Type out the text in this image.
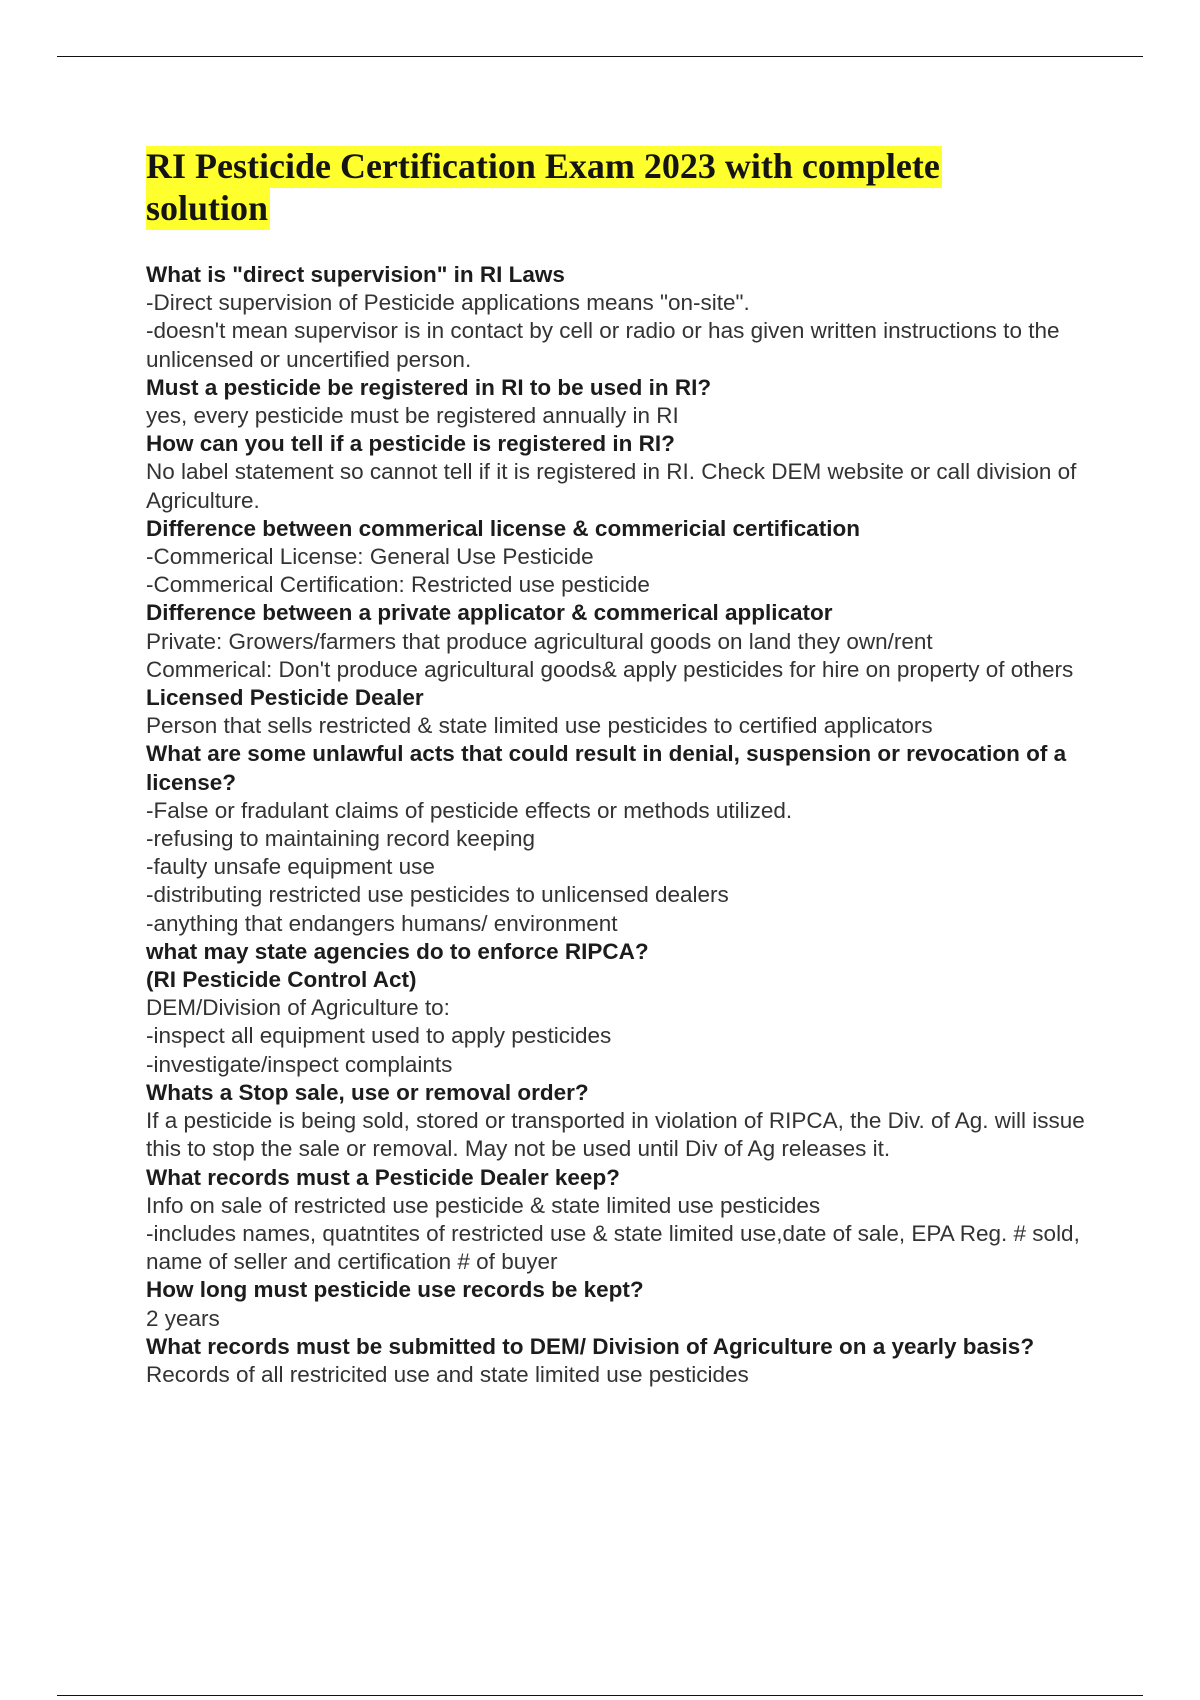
RI Pesticide Certification Exam 2023 with complete solution

What is "direct supervision" in RI Laws

-Direct supervision of Pesticide applications means "on-site".

-doesn't mean supervisor is in contact by cell or radio or has given written instructions to the unlicensed or uncertified person.

Must a pesticide be registered in RI to be used in RI?

yes, every pesticide must be registered annually in RI

How can you tell if a pesticide is registered in RI?

No label statement so cannot tell if it is registered in RI. Check DEM website or call division of Agriculture.

Difference between commerical license & commericial certification

-Commerical License: General Use Pesticide

-Commerical Certification: Restricted use pesticide

Difference between a private applicator & commerical applicator

Private: Growers/farmers that produce agricultural goods on land they own/rent

Commerical: Don't produce agricultural goods& apply pesticides for hire on property of others

Licensed Pesticide Dealer

Person that sells restricted & state limited use pesticides to certified applicators

What are some unlawful acts that could result in denial, suspension or revocation of a license?

-False or fradulant claims of pesticide effects or methods utilized.

-refusing to maintaining record keeping

-faulty unsafe equipment use

-distributing restricted use pesticides to unlicensed dealers

-anything that endangers humans/ environment

what may state agencies do to enforce RIPCA?

(RI Pesticide Control Act)

DEM/Division of Agriculture to:

-inspect all equipment used to apply pesticides

-investigate/inspect complaints

Whats a Stop sale, use or removal order?

If a pesticide is being sold, stored or transported in violation of RIPCA, the Div. of Ag. will issue this to stop the sale or removal. May not be used until Div of Ag releases it.

What records must a Pesticide Dealer keep?

Info on sale of restricted use pesticide & state limited use pesticides

-includes names, quatntites of restricted use & state limited use,date of sale, EPA Reg. # sold, name of seller and certification # of buyer

How long must pesticide use records be kept?

2 years

What records must be submitted to DEM/ Division of Agriculture on a yearly basis?

Records of all restricited use and state limited use pesticides
